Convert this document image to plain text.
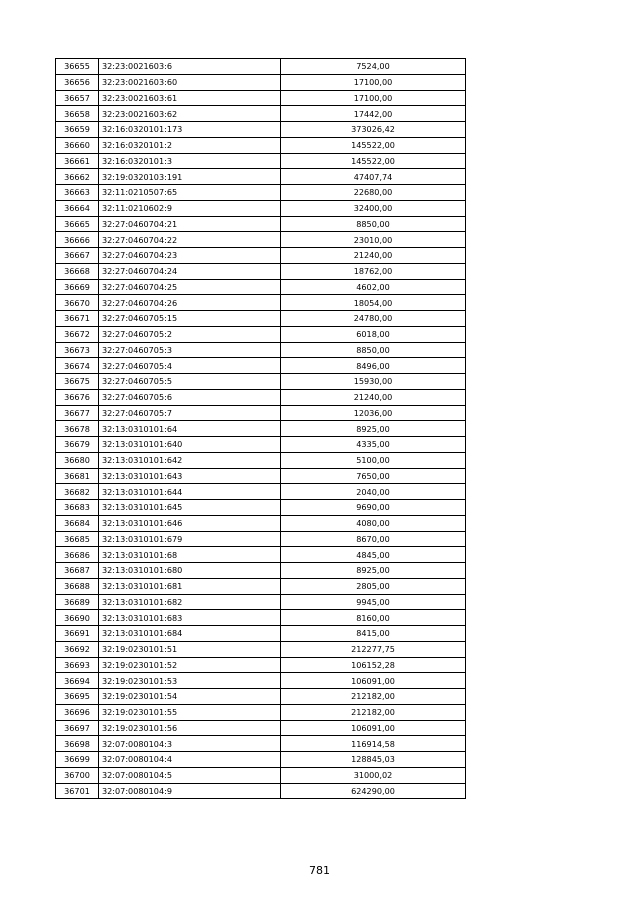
36655	32:23:0021603:6	7524,00
36656	32:23:0021603:60	17100,00
36657	32:23:0021603:61	17100,00
36658	32:23:0021603:62	17442,00
36659	32:16:0320101:173	373026,42
36660	32:16:0320101:2	145522,00
36661	32:16:0320101:3	145522,00
36662	32:19:0320103:191	47407,74
36663	32:11:0210507:65	22680,00
36664	32:11:0210602:9	32400,00
36665	32:27:0460704:21	8850,00
36666	32:27:0460704:22	23010,00
36667	32:27:0460704:23	21240,00
36668	32:27:0460704:24	18762,00
36669	32:27:0460704:25	4602,00
36670	32:27:0460704:26	18054,00
36671	32:27:0460705:15	24780,00
36672	32:27:0460705:2	6018,00
36673	32:27:0460705:3	8850,00
36674	32:27:0460705:4	8496,00
36675	32:27:0460705:5	15930,00
36676	32:27:0460705:6	21240,00
36677	32:27:0460705:7	12036,00
36678	32:13:0310101:64	8925,00
36679	32:13:0310101:640	4335,00
36680	32:13:0310101:642	5100,00
36681	32:13:0310101:643	7650,00
36682	32:13:0310101:644	2040,00
36683	32:13:0310101:645	9690,00
36684	32:13:0310101:646	4080,00
36685	32:13:0310101:679	8670,00
36686	32:13:0310101:68	4845,00
36687	32:13:0310101:680	8925,00
36688	32:13:0310101:681	2805,00
36689	32:13:0310101:682	9945,00
36690	32:13:0310101:683	8160,00
36691	32:13:0310101:684	8415,00
36692	32:19:0230101:51	212277,75
36693	32:19:0230101:52	106152,28
36694	32:19:0230101:53	106091,00
36695	32:19:0230101:54	212182,00
36696	32:19:0230101:55	212182,00
36697	32:19:0230101:56	106091,00
36698	32:07:0080104:3	116914,58
36699	32:07:0080104:4	128845,03
36700	32:07:0080104:5	31000,02
36701	32:07:0080104:9	624290,00
781
